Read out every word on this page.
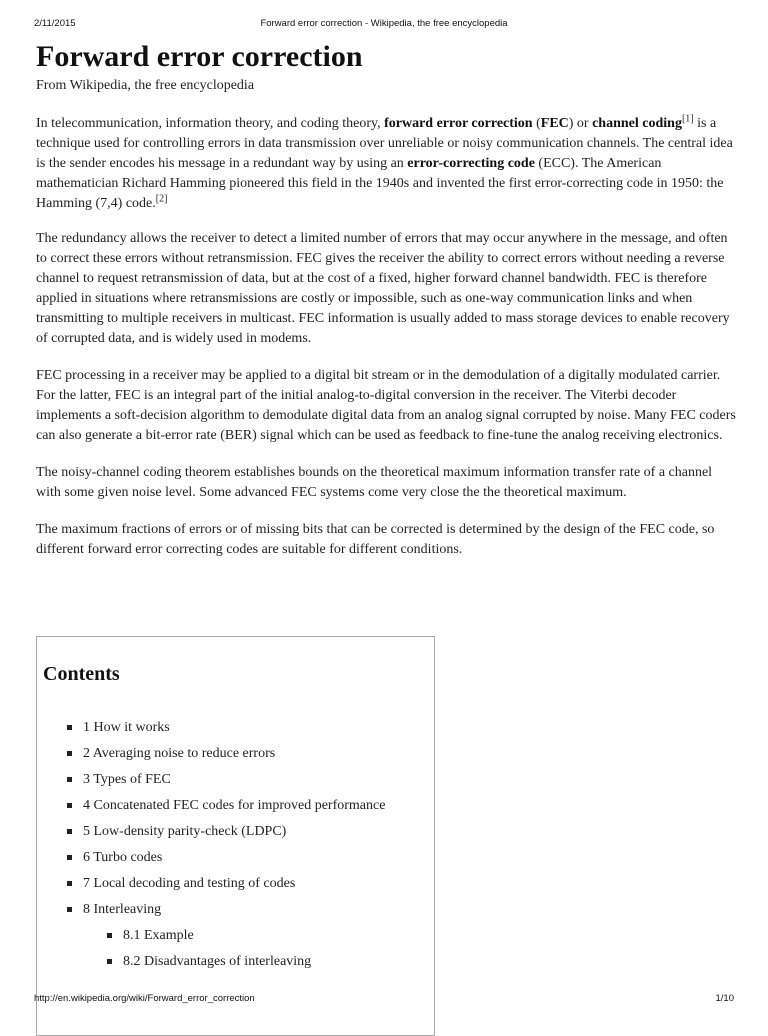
2/11/2015	Forward error correction - Wikipedia, the free encyclopedia
Forward error correction
From Wikipedia, the free encyclopedia

In telecommunication, information theory, and coding theory, forward error correction (FEC) or channel coding[1] is a technique used for controlling errors in data transmission over unreliable or noisy communication channels. The central idea is the sender encodes his message in a redundant way by using an error-correcting code (ECC). The American mathematician Richard Hamming pioneered this field in the 1940s and invented the first error-correcting code in 1950: the Hamming (7,4) code.[2]

The redundancy allows the receiver to detect a limited number of errors that may occur anywhere in the message, and often to correct these errors without retransmission. FEC gives the receiver the ability to correct errors without needing a reverse channel to request retransmission of data, but at the cost of a fixed, higher forward channel bandwidth. FEC is therefore applied in situations where retransmissions are costly or impossible, such as one-way communication links and when transmitting to multiple receivers in multicast. FEC information is usually added to mass storage devices to enable recovery of corrupted data, and is widely used in modems.

FEC processing in a receiver may be applied to a digital bit stream or in the demodulation of a digitally modulated carrier. For the latter, FEC is an integral part of the initial analog-to-digital conversion in the receiver. The Viterbi decoder implements a soft-decision algorithm to demodulate digital data from an analog signal corrupted by noise. Many FEC coders can also generate a bit-error rate (BER) signal which can be used as feedback to fine-tune the analog receiving electronics.

The noisy-channel coding theorem establishes bounds on the theoretical maximum information transfer rate of a channel with some given noise level. Some advanced FEC systems come very close the the theoretical maximum.

The maximum fractions of errors or of missing bits that can be corrected is determined by the design of the FEC code, so different forward error correcting codes are suitable for different conditions.

Contents
1 How it works
2 Averaging noise to reduce errors
3 Types of FEC
4 Concatenated FEC codes for improved performance
5 Low-density parity-check (LDPC)
6 Turbo codes
7 Local decoding and testing of codes
8 Interleaving
8.1 Example
8.2 Disadvantages of interleaving
http://en.wikipedia.org/wiki/Forward_error_correction	1/10
